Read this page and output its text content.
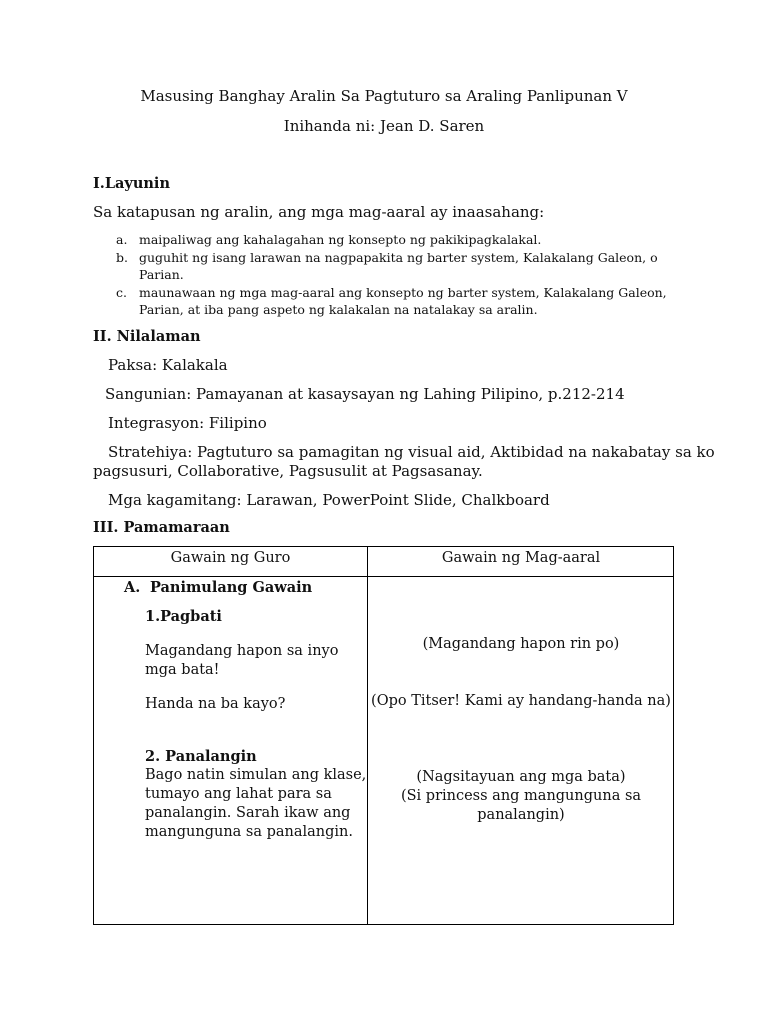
Masusing Banghay Aralin Sa Pagtuturo sa Araling Panlipunan V
Inihanda ni: Jean D. Saren
I.Layunin
Sa katapusan ng aralin, ang mga mag-aaral ay inaasahang:
a. maipaliwag ang kahalagahan ng konsepto ng pakikipagkalakal.
b. guguhit ng isang larawan na nagpapakita ng barter system, Kalakalang Galeon, o
Parian.
c. maunawaan ng mga mag-aaral ang konsepto ng barter system, Kalakalang Galeon,
Parian, at iba pang aspeto ng kalakalan na natalakay sa aralin.
II. Nilalaman
Paksa: Kalakala
Sangunian: Pamayanan at kasaysayan ng Lahing Pilipino, p.212-214
Integrasyon: Filipino
Stratehiya: Pagtuturo sa pamagitan ng visual aid, Aktibidad na nakabatay sa ko
pagsusuri, Collaborative, Pagsusulit at Pagsasanay.
Mga kagamitang: Larawan, PowerPoint Slide, Chalkboard
III. Pamamaraan
Gawain ng Guro	Gawain ng Mag-aaral
A. Panimulang Gawain
1.Pagbati
Magandang hapon sa inyo
mga bata!
Handa na ba kayo?
2. Panalangin
Bago natin simulan ang klase,
tumayo ang lahat para sa
panalangin. Sarah ikaw ang
mangunguna sa panalangin.
(Magandang hapon rin po)
(Opo Titser! Kami ay handang-handa na)
(Nagsitayuan ang mga bata)
(Si princess ang mangunguna sa
panalangin)
